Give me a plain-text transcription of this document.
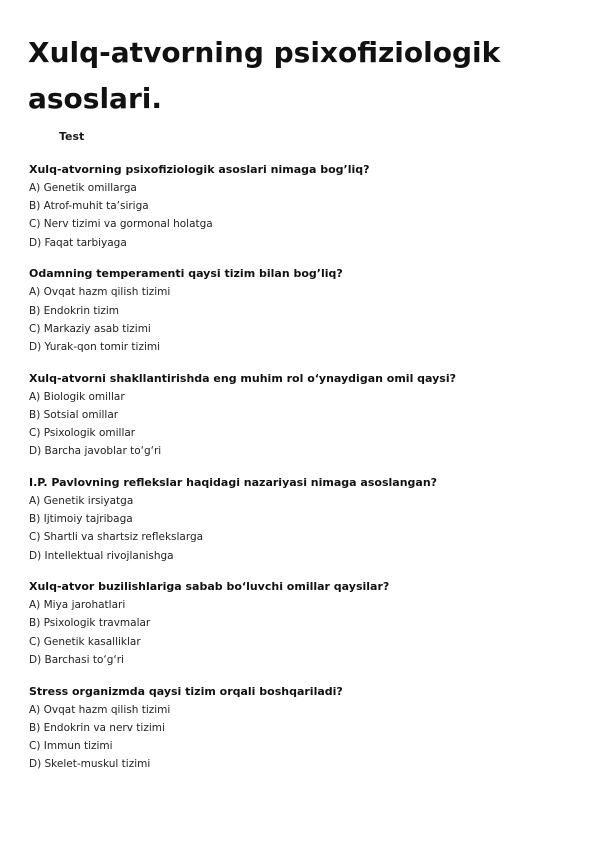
Xulq-atvorning psixofiziologik asoslari.
Test
Xulq-atvorning psixofiziologik asoslari nimaga bog’liq?
A) Genetik omillarga
B) Atrof-muhit ta’siriga
C) Nerv tizimi va gormonal holatga
D) Faqat tarbiyaga
Odamning temperamenti qaysi tizim bilan bog’liq?
A) Ovqat hazm qilish tizimi
B) Endokrin tizim
C) Markaziy asab tizimi
D) Yurak-qon tomir tizimi
Xulq-atvorni shakllantirishda eng muhim rol o‘ynaydigan omil qaysi?
A) Biologik omillar
B) Sotsial omillar
C) Psixologik omillar
D) Barcha javoblar to‘g‘ri
I.P. Pavlovning reflekslar haqidagi nazariyasi nimaga asoslangan?
A) Genetik irsiyatga
B) Ijtimoiy tajribaga
C) Shartli va shartsiz reflekslarga
D) Intellektual rivojlanishga
Xulq-atvor buzilishlariga sabab bo‘luvchi omillar qaysilar?
A) Miya jarohatlari
B) Psixologik travmalar
C) Genetik kasalliklar
D) Barchasi to‘g‘ri
Stress organizmda qaysi tizim orqali boshqariladi?
A) Ovqat hazm qilish tizimi
B) Endokrin va nerv tizimi
C) Immun tizimi
D) Skelet-muskul tizimi
